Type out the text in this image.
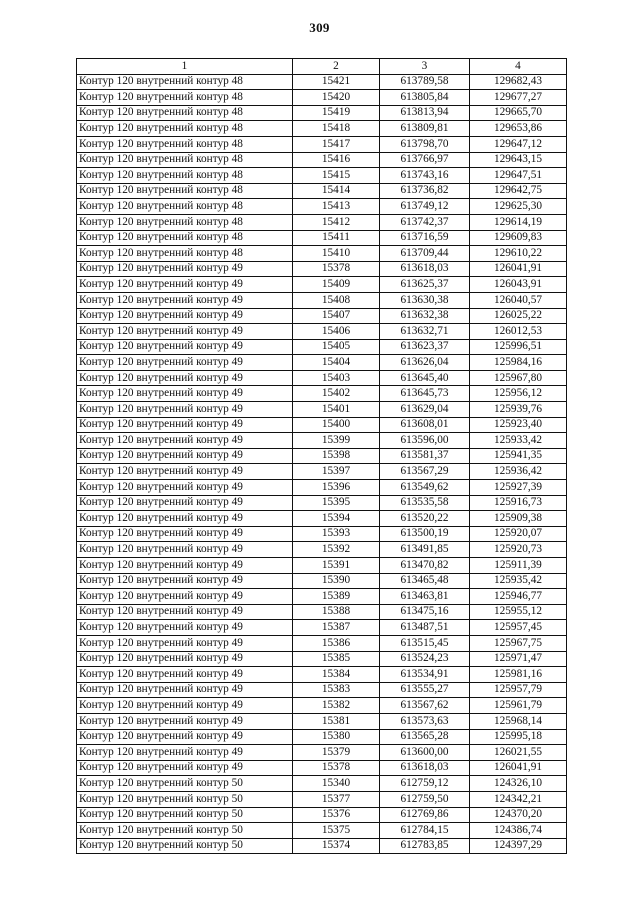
309
1	2	3	4
Контур 120 внутренний контур 48	15421	613789,58	129682,43
Контур 120 внутренний контур 48	15420	613805,84	129677,27
Контур 120 внутренний контур 48	15419	613813,94	129665,70
Контур 120 внутренний контур 48	15418	613809,81	129653,86
Контур 120 внутренний контур 48	15417	613798,70	129647,12
Контур 120 внутренний контур 48	15416	613766,97	129643,15
Контур 120 внутренний контур 48	15415	613743,16	129647,51
Контур 120 внутренний контур 48	15414	613736,82	129642,75
Контур 120 внутренний контур 48	15413	613749,12	129625,30
Контур 120 внутренний контур 48	15412	613742,37	129614,19
Контур 120 внутренний контур 48	15411	613716,59	129609,83
Контур 120 внутренний контур 48	15410	613709,44	129610,22
Контур 120 внутренний контур 49	15378	613618,03	126041,91
Контур 120 внутренний контур 49	15409	613625,37	126043,91
Контур 120 внутренний контур 49	15408	613630,38	126040,57
Контур 120 внутренний контур 49	15407	613632,38	126025,22
Контур 120 внутренний контур 49	15406	613632,71	126012,53
Контур 120 внутренний контур 49	15405	613623,37	125996,51
Контур 120 внутренний контур 49	15404	613626,04	125984,16
Контур 120 внутренний контур 49	15403	613645,40	125967,80
Контур 120 внутренний контур 49	15402	613645,73	125956,12
Контур 120 внутренний контур 49	15401	613629,04	125939,76
Контур 120 внутренний контур 49	15400	613608,01	125923,40
Контур 120 внутренний контур 49	15399	613596,00	125933,42
Контур 120 внутренний контур 49	15398	613581,37	125941,35
Контур 120 внутренний контур 49	15397	613567,29	125936,42
Контур 120 внутренний контур 49	15396	613549,62	125927,39
Контур 120 внутренний контур 49	15395	613535,58	125916,73
Контур 120 внутренний контур 49	15394	613520,22	125909,38
Контур 120 внутренний контур 49	15393	613500,19	125920,07
Контур 120 внутренний контур 49	15392	613491,85	125920,73
Контур 120 внутренний контур 49	15391	613470,82	125911,39
Контур 120 внутренний контур 49	15390	613465,48	125935,42
Контур 120 внутренний контур 49	15389	613463,81	125946,77
Контур 120 внутренний контур 49	15388	613475,16	125955,12
Контур 120 внутренний контур 49	15387	613487,51	125957,45
Контур 120 внутренний контур 49	15386	613515,45	125967,75
Контур 120 внутренний контур 49	15385	613524,23	125971,47
Контур 120 внутренний контур 49	15384	613534,91	125981,16
Контур 120 внутренний контур 49	15383	613555,27	125957,79
Контур 120 внутренний контур 49	15382	613567,62	125961,79
Контур 120 внутренний контур 49	15381	613573,63	125968,14
Контур 120 внутренний контур 49	15380	613565,28	125995,18
Контур 120 внутренний контур 49	15379	613600,00	126021,55
Контур 120 внутренний контур 49	15378	613618,03	126041,91
Контур 120 внутренний контур 50	15340	612759,12	124326,10
Контур 120 внутренний контур 50	15377	612759,50	124342,21
Контур 120 внутренний контур 50	15376	612769,86	124370,20
Контур 120 внутренний контур 50	15375	612784,15	124386,74
Контур 120 внутренний контур 50	15374	612783,85	124397,29
